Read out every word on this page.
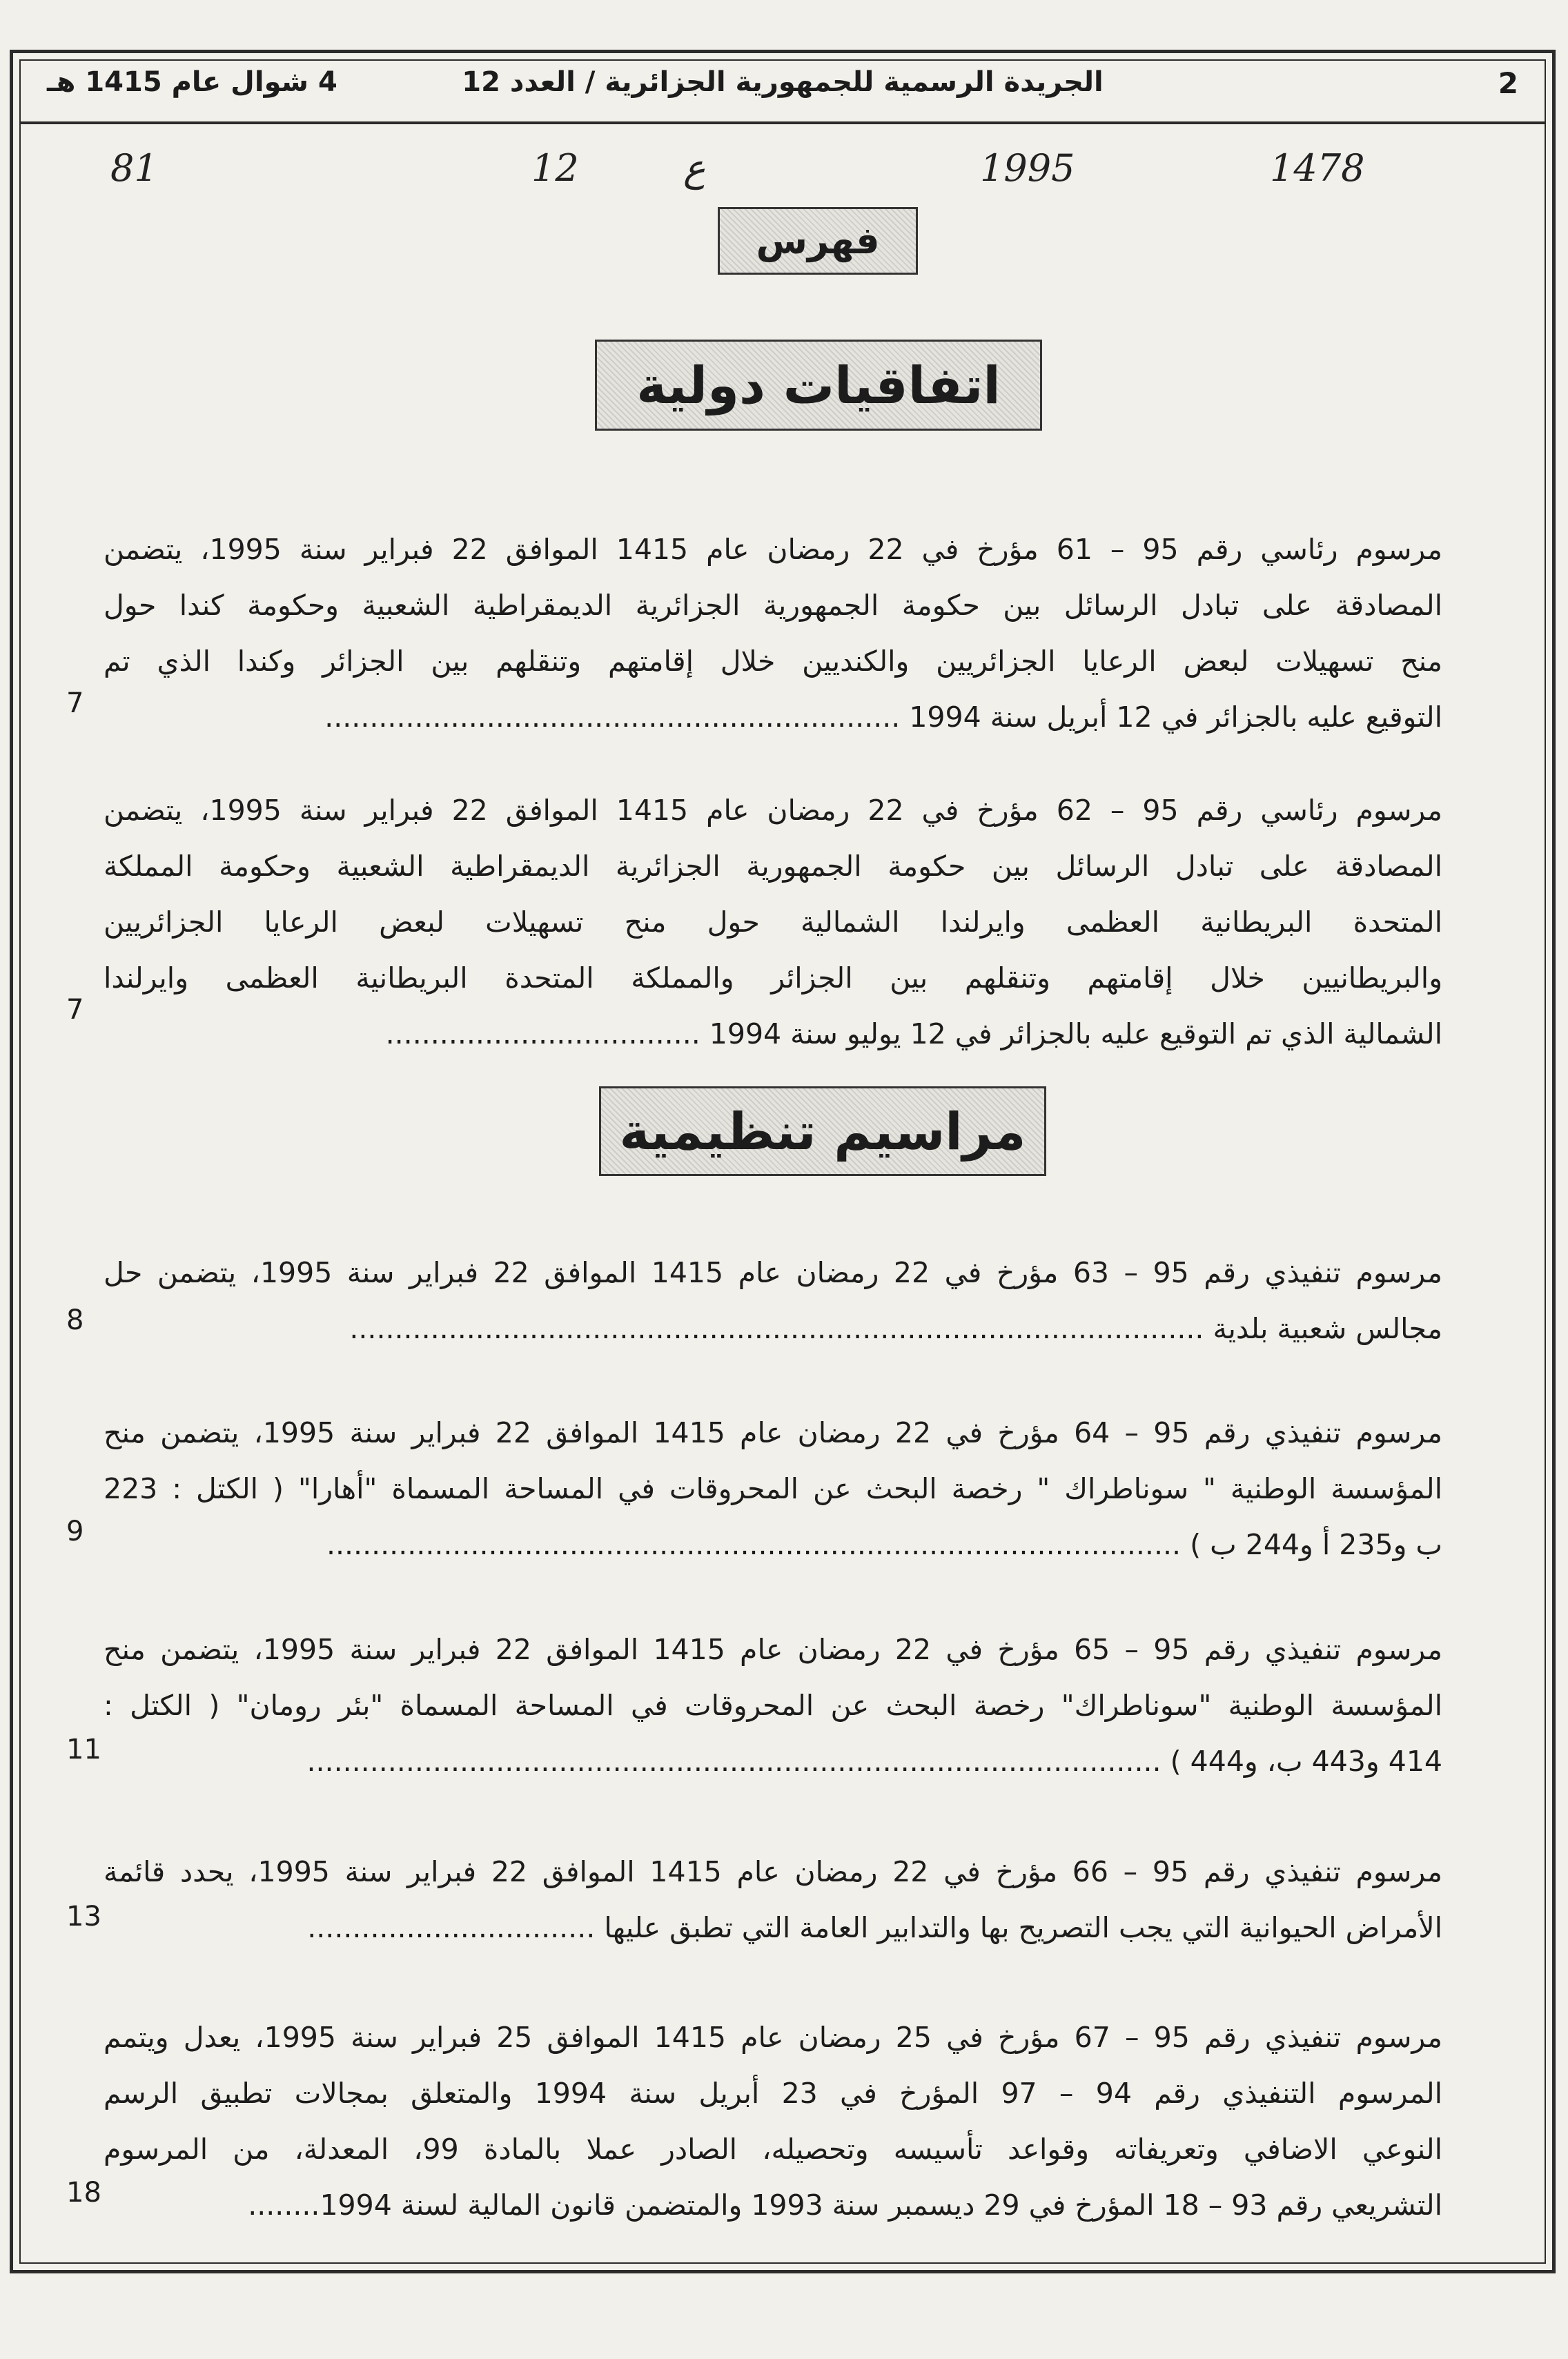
2
الجريدة الرسمية للجمهورية الجزائرية / العدد 12
4 شوال عام 1415 هـ
1478
1995
ع
12
81
فهرس
اتفاقيات دولية
مراسيم تنظيمية
مرسوم رئاسي رقم 95 – 61 مؤرخ في 22 رمضان عام 1415 الموافق 22 فبراير سنة 1995، يتضمن
المصادقة على تبادل الرسائل بين حكومة الجمهورية الجزائرية الديمقراطية الشعبية وحكومة كندا حول
منح تسهيلات لبعض الرعايا الجزائريين والكنديين خلال إقامتهم وتنقلهم بين الجزائر وكندا الذي تم
التوقيع عليه بالجزائر في 12 أبريل سنة 1994 ................................................................
7
مرسوم رئاسي رقم 95 – 62 مؤرخ في 22 رمضان عام 1415 الموافق 22 فبراير سنة 1995، يتضمن
المصادقة على تبادل الرسائل بين حكومة الجمهورية الجزائرية الديمقراطية الشعبية وحكومة المملكة
المتحدة البريطانية العظمى وايرلندا الشمالية حول منح تسهيلات لبعض الرعايا الجزائريين
والبريطانيين خلال إقامتهم وتنقلهم بين الجزائر والمملكة المتحدة البريطانية العظمى وايرلندا
الشمالية الذي تم التوقيع عليه بالجزائر في 12 يوليو سنة 1994 ...................................
7
مرسوم تنفيذي رقم 95 – 63 مؤرخ في 22 رمضان عام 1415 الموافق 22 فبراير سنة 1995، يتضمن حل
مجالس شعبية بلدية ...............................................................................................
8
مرسوم تنفيذي رقم 95 – 64 مؤرخ في 22 رمضان عام 1415 الموافق 22 فبراير سنة 1995، يتضمن منح
المؤسسة الوطنية " سوناطراك " رخصة البحث عن المحروقات في المساحة المسماة "أهارا" ( الكتل : 223
ب و235 أ و244 ب ) ...............................................................................................
9
مرسوم تنفيذي رقم 95 – 65 مؤرخ في 22 رمضان عام 1415 الموافق 22 فبراير سنة 1995، يتضمن منح
المؤسسة الوطنية "سوناطراك" رخصة البحث عن المحروقات في المساحة المسماة "بئر رومان" ( الكتل :
414 و443 ب، و444 ) ...............................................................................................
11
مرسوم تنفيذي رقم 95 – 66 مؤرخ في 22 رمضان عام 1415 الموافق 22 فبراير سنة 1995، يحدد قائمة
الأمراض الحيوانية التي يجب التصريح بها والتدابير العامة التي تطبق عليها ................................
13
مرسوم تنفيذي رقم 95 – 67 مؤرخ في 25 رمضان عام 1415 الموافق 25 فبراير سنة 1995، يعدل ويتمم
المرسوم التنفيذي رقم 94 – 97 المؤرخ في 23 أبريل سنة 1994 والمتعلق بمجالات تطبيق الرسم
النوعي الاضافي وتعريفاته وقواعد تأسيسه وتحصيله، الصادر عملا بالمادة 99، المعدلة، من المرسوم
التشريعي رقم 93 – 18 المؤرخ في 29 ديسمبر سنة 1993 والمتضمن قانون المالية لسنة 1994........
18
